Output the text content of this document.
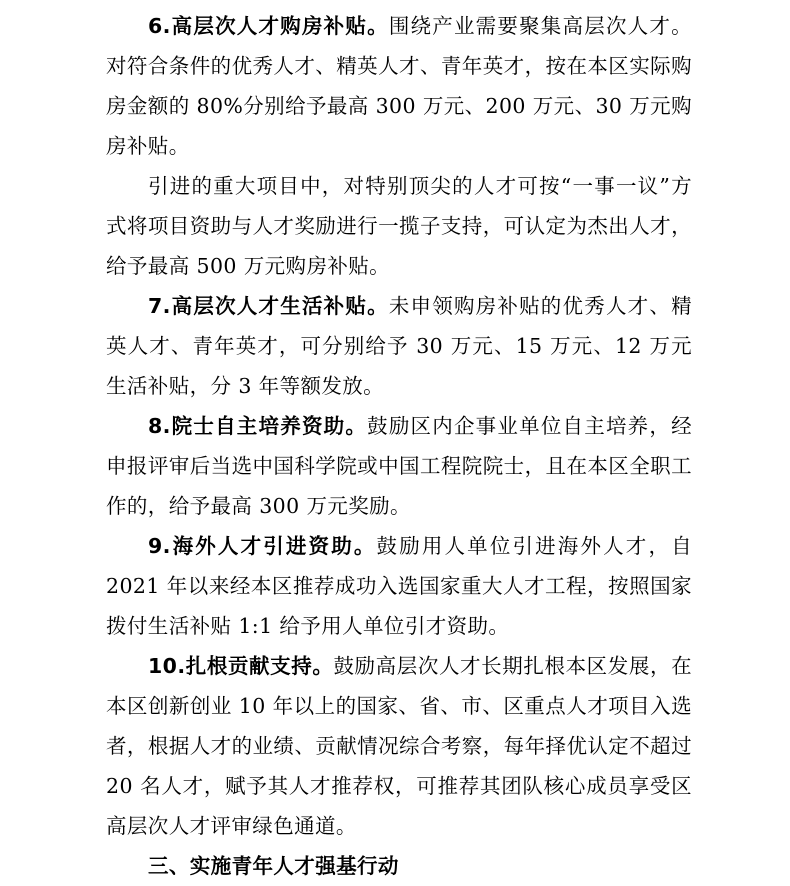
6.高层次人才购房补贴。围绕产业需要聚集高层次人才。对符合条件的优秀人才、精英人才、青年英才，按在本区实际购房金额的 80%分别给予最高 300 万元、200 万元、30 万元购房补贴。

引进的重大项目中，对特别顶尖的人才可按“一事一议”方式将项目资助与人才奖励进行一揽子支持，可认定为杰出人才，给予最高 500 万元购房补贴。

7.高层次人才生活补贴。未申领购房补贴的优秀人才、精英人才、青年英才，可分别给予 30 万元、15 万元、12 万元生活补贴，分 3 年等额发放。

8.院士自主培养资助。鼓励区内企事业单位自主培养，经申报评审后当选中国科学院或中国工程院院士，且在本区全职工作的，给予最高 300 万元奖励。

9.海外人才引进资助。鼓励用人单位引进海外人才，自 2021 年以来经本区推荐成功入选国家重大人才工程，按照国家拨付生活补贴 1:1 给予用人单位引才资助。

10.扎根贡献支持。鼓励高层次人才长期扎根本区发展，在本区创新创业 10 年以上的国家、省、市、区重点人才项目入选者，根据人才的业绩、贡献情况综合考察，每年择优认定不超过 20 名人才，赋予其人才推荐权，可推荐其团队核心成员享受区高层次人才评审绿色通道。

三、实施青年人才强基行动
